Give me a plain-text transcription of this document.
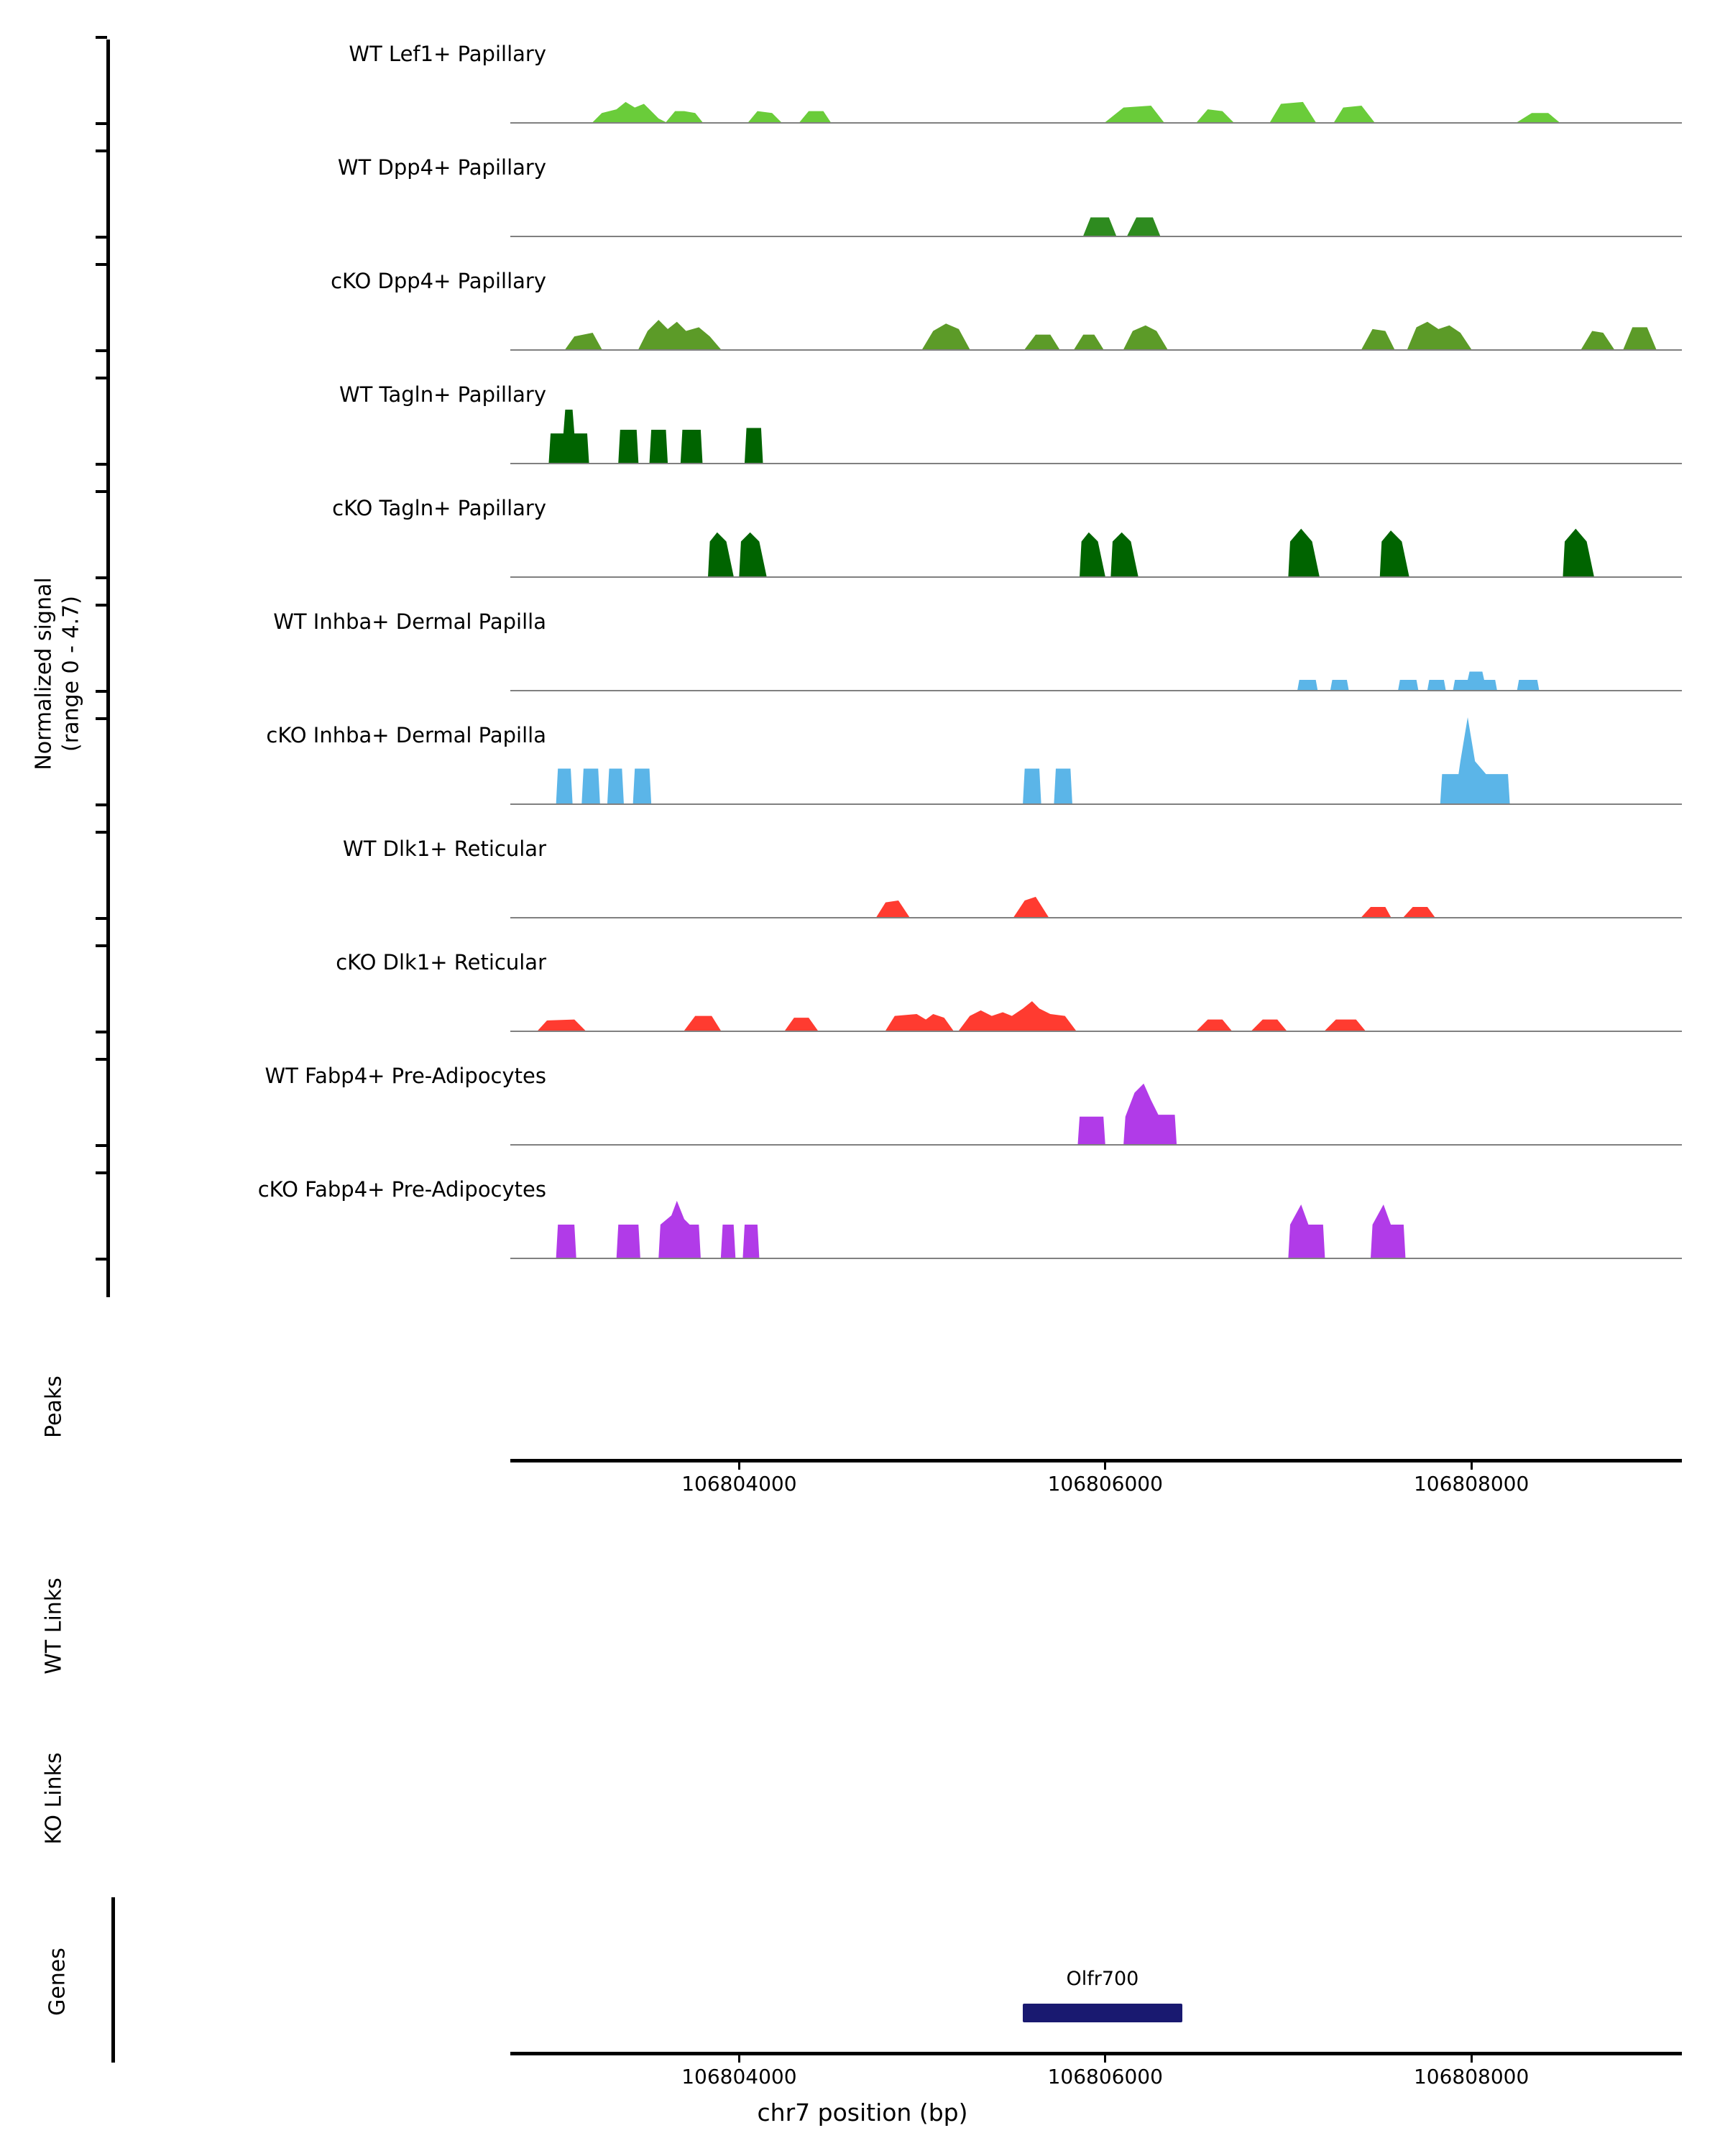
Normalized signal
(range 0 - 4.7)
WT Lef1+ Papillary
WT Dpp4+ Papillary
cKO Dpp4+ Papillary
WT Tagln+ Papillary
cKO Tagln+ Papillary
WT Inhba+ Dermal Papilla
cKO Inhba+ Dermal Papilla
WT Dlk1+ Reticular
cKO Dlk1+ Reticular
WT Fabp4+ Pre-Adipocytes
cKO Fabp4+ Pre-Adipocytes
Peaks
106804000	106806000	106808000
WT Links
KO Links
Genes	Olfr700
106804000	106806000	106808000
chr7 position (bp)
